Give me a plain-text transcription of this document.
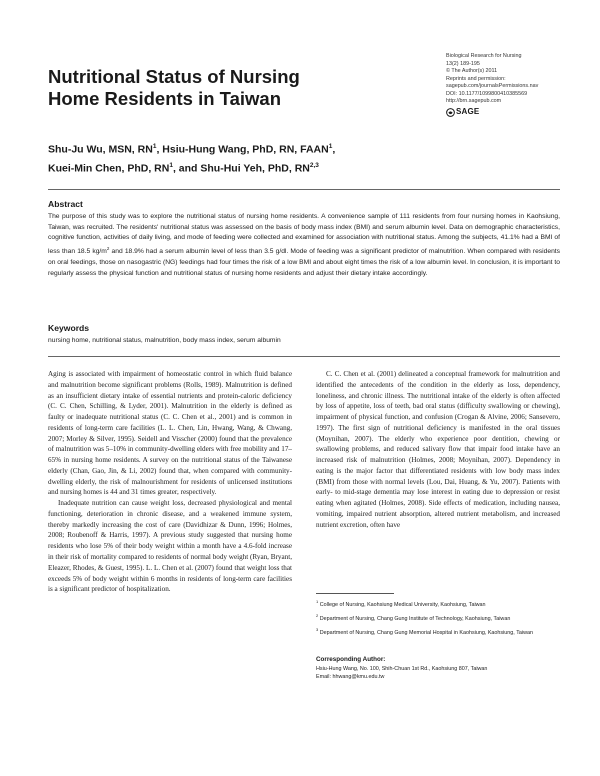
Nutritional Status of Nursing
Home Residents in Taiwan
Biological Research for Nursing
13(2) 189-195
© The Author(s) 2011
Reprints and permission:
sagepub.com/journalsPermissions.nav
DOI: 10.1177/1099800410385569
http://brn.sagepub.com
SAGE
Shu-Ju Wu, MSN, $RN^1$, Hsiu-Hung Wang, PhD, RN, FAAN$^1$,
Kuei-Min Chen, PhD, $RN^1$, and Shu-Hui Yeh, PhD, RN$^{2,3}$
Abstract
The purpose of this study was to explore the nutritional status of nursing home residents. A convenience sample of 111 residents from four nursing homes in Kaohsiung, Taiwan, was recruited. The residents' nutritional status was assessed on the basis of body mass index (BMI) and serum albumin level. Data on demographic characteristics, cognitive function, activities of daily living, and mode of feeding were collected and examined for association with nutritional status. Among the subjects, 41.1% had a BMI of less than 18.5 $kg/m^2$ and 18.9% had a serum albumin level of less than 3.5 g/dl. Mode of feeding was a significant predictor of malnutrition. When compared with residents on oral feedings, those on nasogastric (NG) feedings had four times the risk of a low BMI and about eight times the risk of a low albumin level. In conclusion, it is important to regularly assess the physical function and nutritional status of nursing home residents and adjust their dietary intake accordingly.
Keywords
nursing home, nutritional status, malnutrition, body mass index, serum albumin

Aging is associated with impairment of homeostatic control in which fluid balance and malnutrition become significant problems (Rolls, 1989). Malnutrition is defined as an insufficient dietary intake of essential nutrients and protein-caloric deficiency (C. C. Chen, Schilling, & Lyder, 2001). Malnutrition in the elderly is defined as faulty or inadequate nutritional status (C. C. Chen et al., 2001) and is common in residents of long-term care facilities (L. L. Chen, Lin, Hwang, Wang, & Chwang, 2007; Morley & Silver, 1995). Seidell and Visscher (2000) found that the prevalence of malnutrition was 5–10% in community-dwelling elders with free mobility and 17–65% in nursing home residents. A survey on the nutritional status of the Taiwanese elderly (Chan, Gao, Jin, & Li, 2002) found that, when compared with community-dwelling elderly, the risk of malnourishment for residents of unlicensed institutions and nursing homes is 44 and 31 times greater, respectively.

Inadequate nutrition can cause weight loss, decreased physiological and mental functioning, deterioration in chronic disease, and a weakened immune system, thereby markedly increasing the cost of care (Davidhizar & Dunn, 1996; Holmes, 2008; Roubenoff & Harris, 1997). A previous study suggested that nursing home residents who lose 5% of their body weight within a month have a 4.6-fold increase in their risk of mortality compared to residents of normal body weight (Ryan, Bryant, Eleazer, Rhodes, & Guest, 1995). L. L. Chen et al. (2007) found that weight loss that exceeds 5% of body weight within 6 months in residents of long-term care facilities is a significant predictor of hospitalization.

C. C. Chen et al. (2001) delineated a conceptual framework for malnutrition and identified the antecedents of the condition in the elderly as loss, dependency, loneliness, and chronic illness. The nutritional intake of the elderly is often affected by loss of appetite, loss of teeth, bad oral status (difficulty swallowing or chewing), impairment of physical function, and confusion (Crogan & Alvine, 2006; Sansevero, 1997). The first sign of nutritional deficiency is manifested in the oral tissues (Moynihan, 2007). The elderly who experience poor dentition, chewing or swallowing problems, and reduced salivary flow that impair food intake have an increased risk of malnutrition (Holmes, 2008; Moynihan, 2007). Dependency in eating is the major factor that differentiated residents with low body mass index (BMI) from those with normal levels (Lou, Dai, Huang, & Yu, 2007). Patients with early- to mid-stage dementia may lose interest in eating due to depression or resist eating when agitated (Holmes, 2008). Side effects of medication, including nausea, vomiting, impaired nutrient absorption, altered nutrient metabolism, and increased nutrient excretion, often have

$^1$ College of Nursing, Kaohsiung Medical University, Kaohsiung, Taiwan

$^2$ Department of Nursing, Chang Gung Institute of Technology, Kaohsiung, Taiwan

$^3$ Department of Nursing, Chang Gung Memorial Hospital in Kaohsiung, Kaohsiung, Taiwan

Corresponding Author:
Hsiu-Hung Wang, No. 100, Shih-Chuan 1st Rd., Kaohsiung 807, Taiwan
Email: hhwang@kmu.edu.tw
